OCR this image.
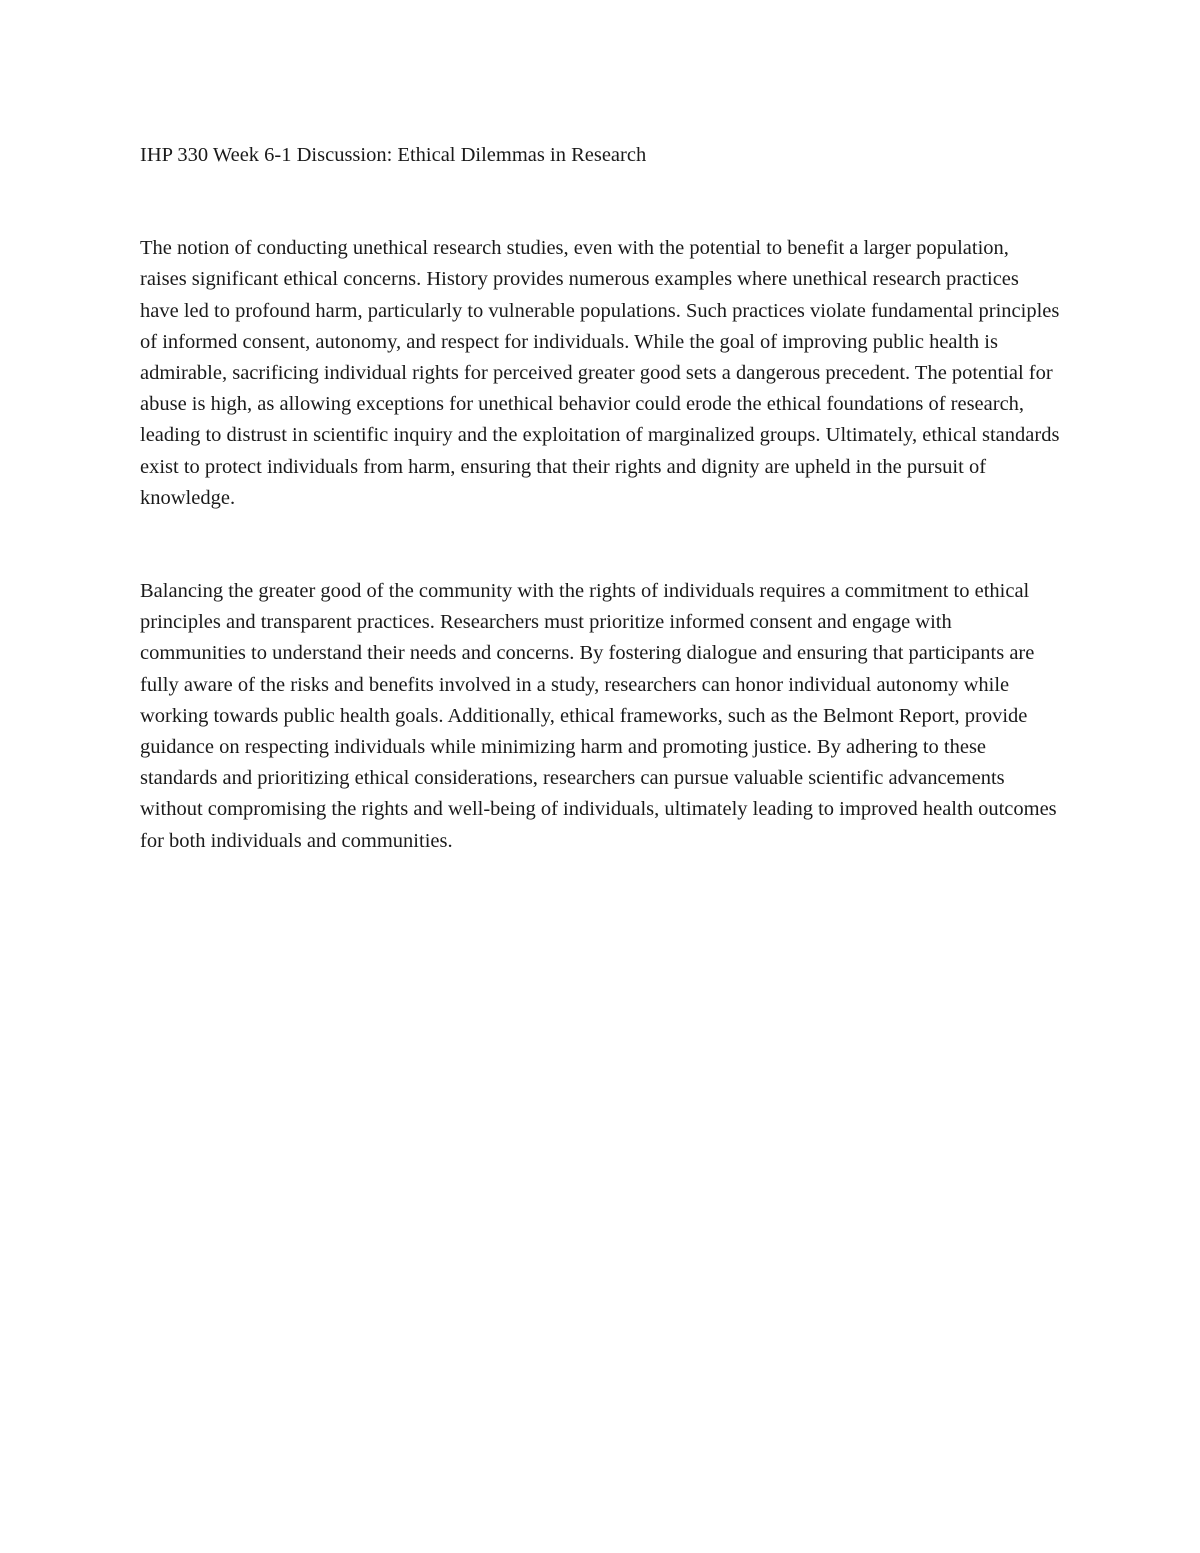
IHP 330 Week 6-1 Discussion: Ethical Dilemmas in Research

The notion of conducting unethical research studies, even with the potential to benefit a larger population, raises significant ethical concerns. History provides numerous examples where unethical research practices have led to profound harm, particularly to vulnerable populations. Such practices violate fundamental principles of informed consent, autonomy, and respect for individuals. While the goal of improving public health is admirable, sacrificing individual rights for perceived greater good sets a dangerous precedent. The potential for abuse is high, as allowing exceptions for unethical behavior could erode the ethical foundations of research, leading to distrust in scientific inquiry and the exploitation of marginalized groups. Ultimately, ethical standards exist to protect individuals from harm, ensuring that their rights and dignity are upheld in the pursuit of knowledge.

Balancing the greater good of the community with the rights of individuals requires a commitment to ethical principles and transparent practices. Researchers must prioritize informed consent and engage with communities to understand their needs and concerns. By fostering dialogue and ensuring that participants are fully aware of the risks and benefits involved in a study, researchers can honor individual autonomy while working towards public health goals. Additionally, ethical frameworks, such as the Belmont Report, provide guidance on respecting individuals while minimizing harm and promoting justice. By adhering to these standards and prioritizing ethical considerations, researchers can pursue valuable scientific advancements without compromising the rights and well-being of individuals, ultimately leading to improved health outcomes for both individuals and communities.
